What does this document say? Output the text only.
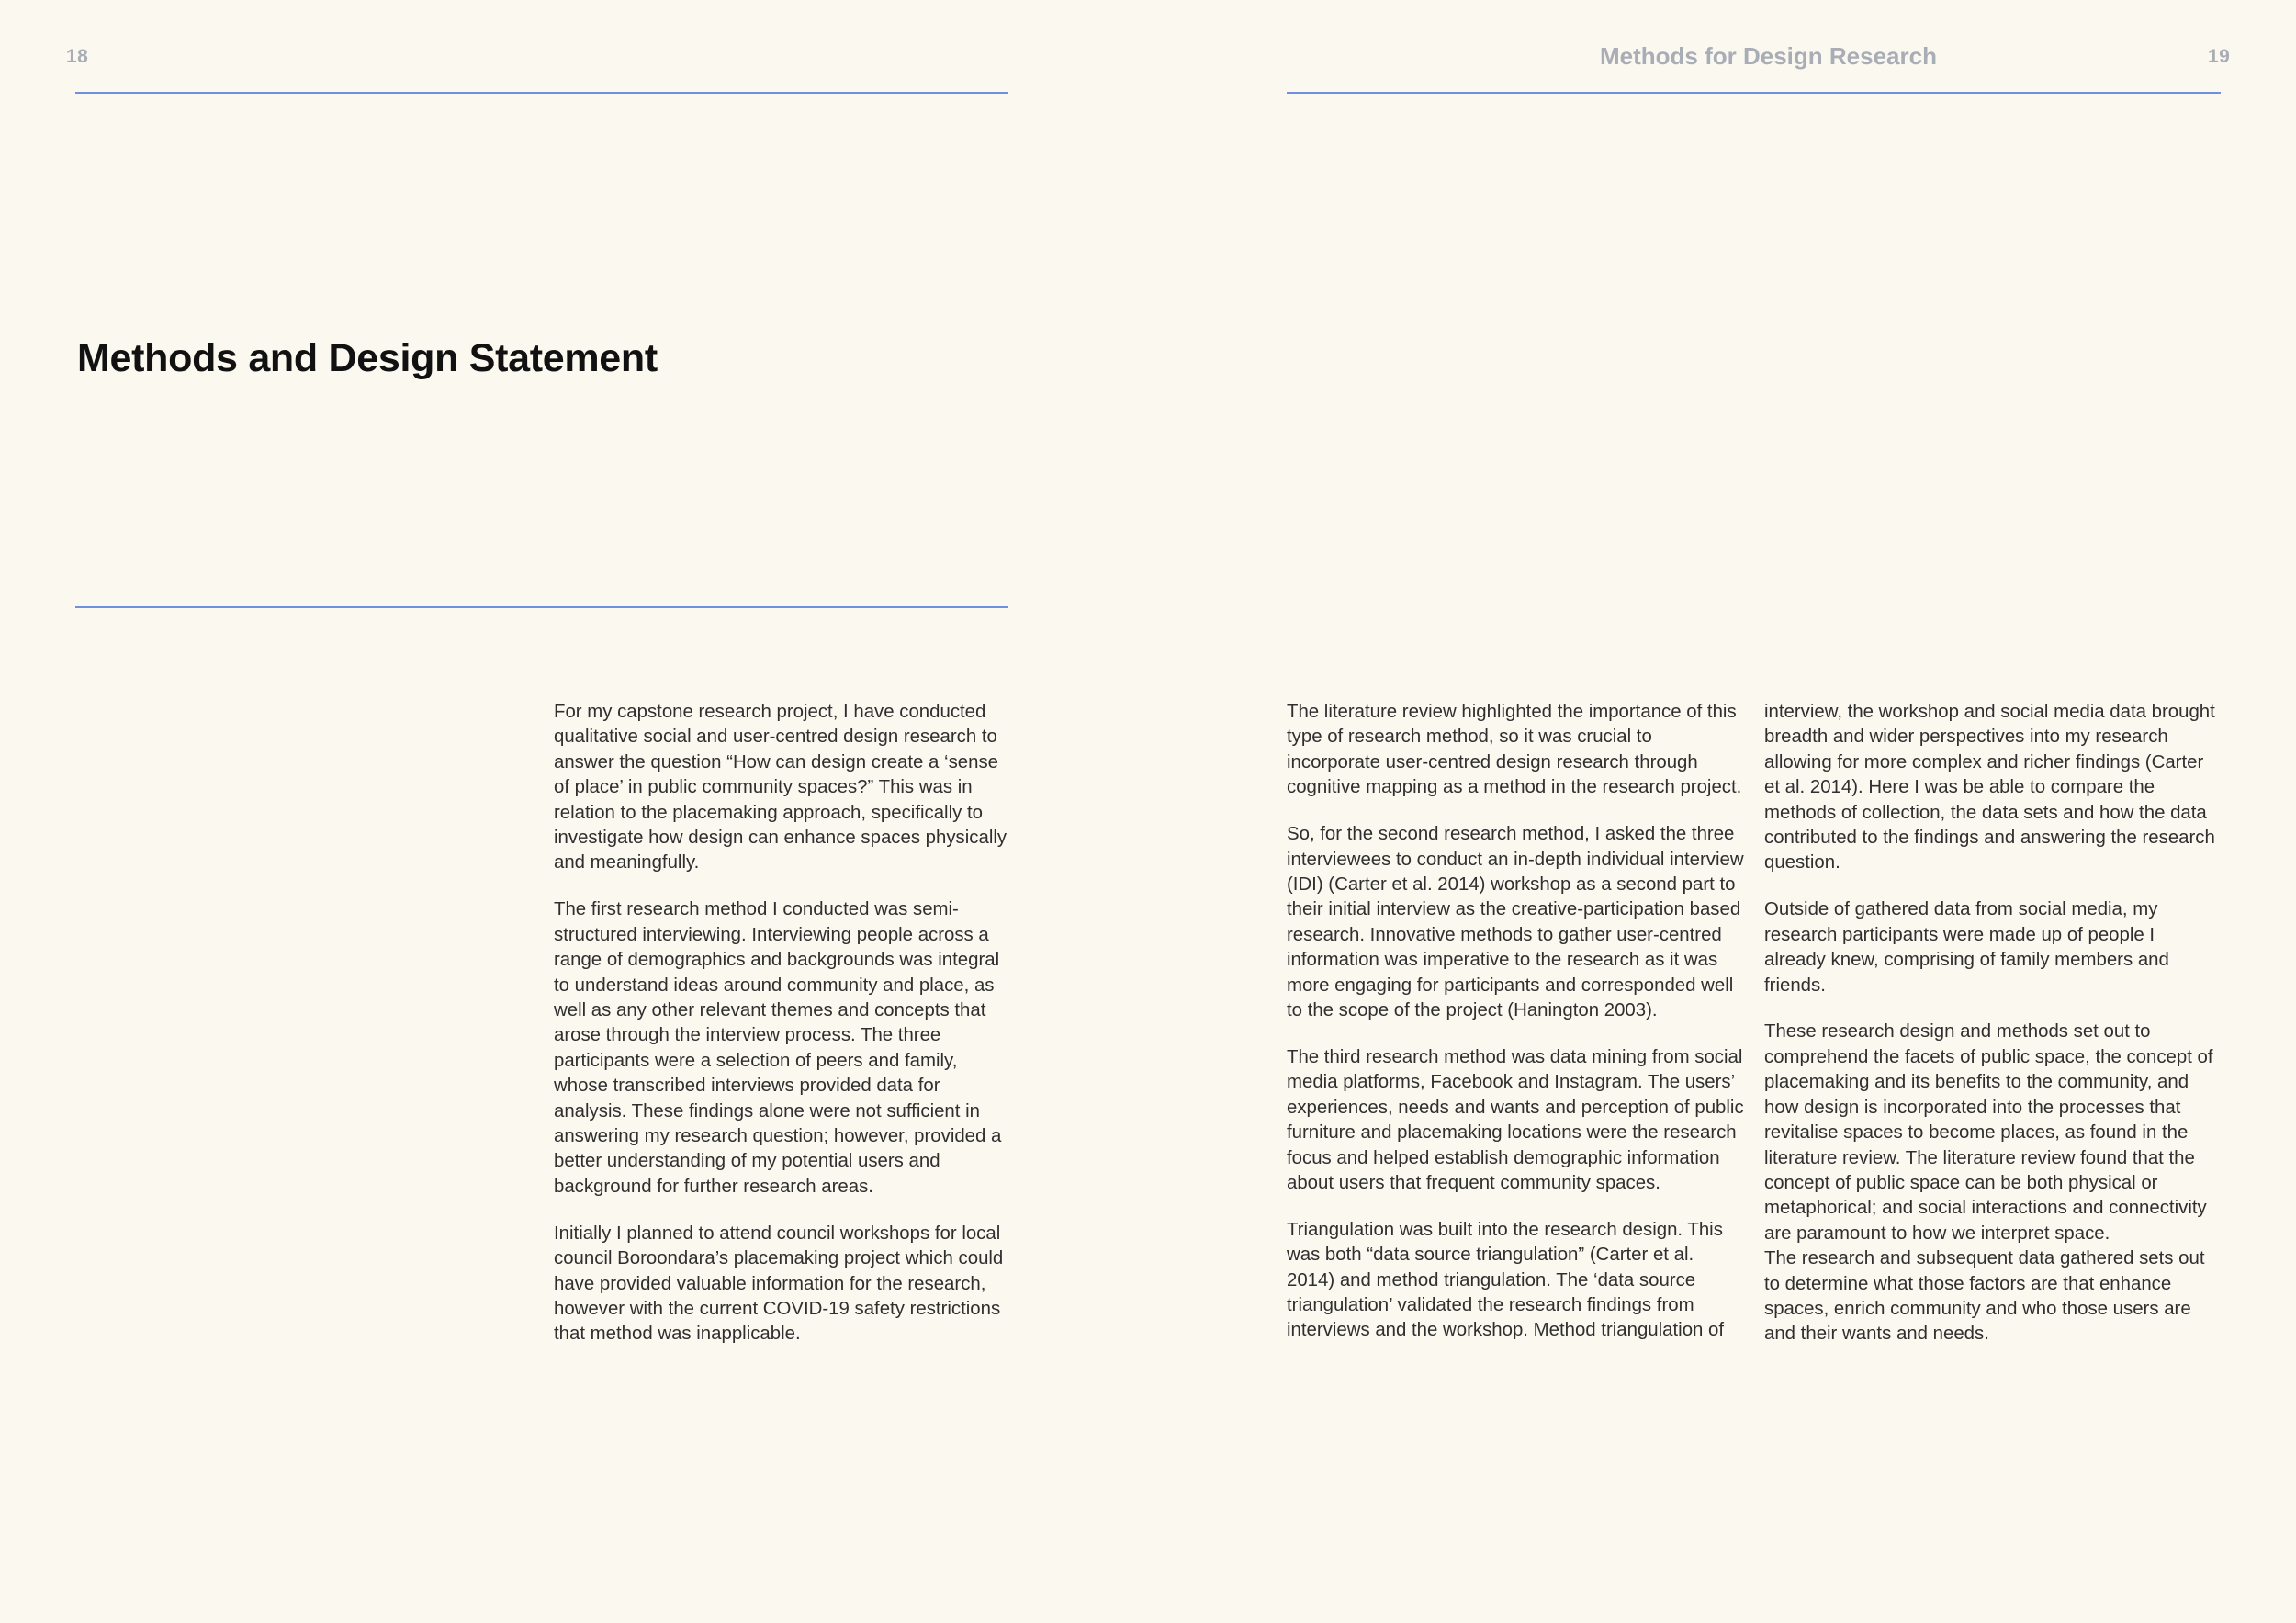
18
Methods and Design Statement

For my capstone research project, I have conducted qualitative social and user-centred design research to answer the question “How can design create a ‘sense of place’ in public community spaces?” This was in relation to the placemaking approach, specifically to investigate how design can enhance spaces physically and meaningfully.

The first research method I conducted was semi-structured interviewing. Interviewing people across a range of demographics and backgrounds was integral to understand ideas around community and place, as well as any other relevant themes and concepts that arose through the interview process. The three participants were a selection of peers and family, whose transcribed interviews provided data for analysis. These findings alone were not sufficient in answering my research question; however, provided a better understanding of my potential users and background for further research areas.

Initially I planned to attend council workshops for local council Boroondara’s placemaking project which could have provided valuable information for the research, however with the current COVID-19 safety restrictions that method was inapplicable.

Methods for Design Research	19

The literature review highlighted the importance of this type of research method, so it was crucial to incorporate user-centred design research through cognitive mapping as a method in the research project.

So, for the second research method, I asked the three interviewees to conduct an in-depth individual interview (IDI) (Carter et al. 2014) workshop as a second part to their initial interview as the creative-participation based research. Innovative methods to gather user-centred information was imperative to the research as it was more engaging for participants and corresponded well to the scope of the project (Hanington 2003).

The third research method was data mining from social media platforms, Facebook and Instagram. The users’ experiences, needs and wants and perception of public furniture and placemaking locations were the research focus and helped establish demographic information about users that frequent community spaces.

Triangulation was built into the research design. This was both “data source triangulation” (Carter et al. 2014) and method triangulation. The ‘data source triangulation’ validated the research findings from interviews and the workshop. Method triangulation of

interview, the workshop and social media data brought breadth and wider perspectives into my research allowing for more complex and richer findings (Carter et al. 2014). Here I was be able to compare the methods of collection, the data sets and how the data contributed to the findings and answering the research question.

Outside of gathered data from social media, my research participants were made up of people I already knew, comprising of family members and friends.

These research design and methods set out to comprehend the facets of public space, the concept of placemaking and its benefits to the community, and how design is incorporated into the processes that revitalise spaces to become places, as found in the literature review. The literature review found that the concept of public space can be both physical or metaphorical; and social interactions and connectivity are paramount to how we interpret space.

The research and subsequent data gathered sets out to determine what those factors are that enhance spaces, enrich community and who those users are and their wants and needs.
